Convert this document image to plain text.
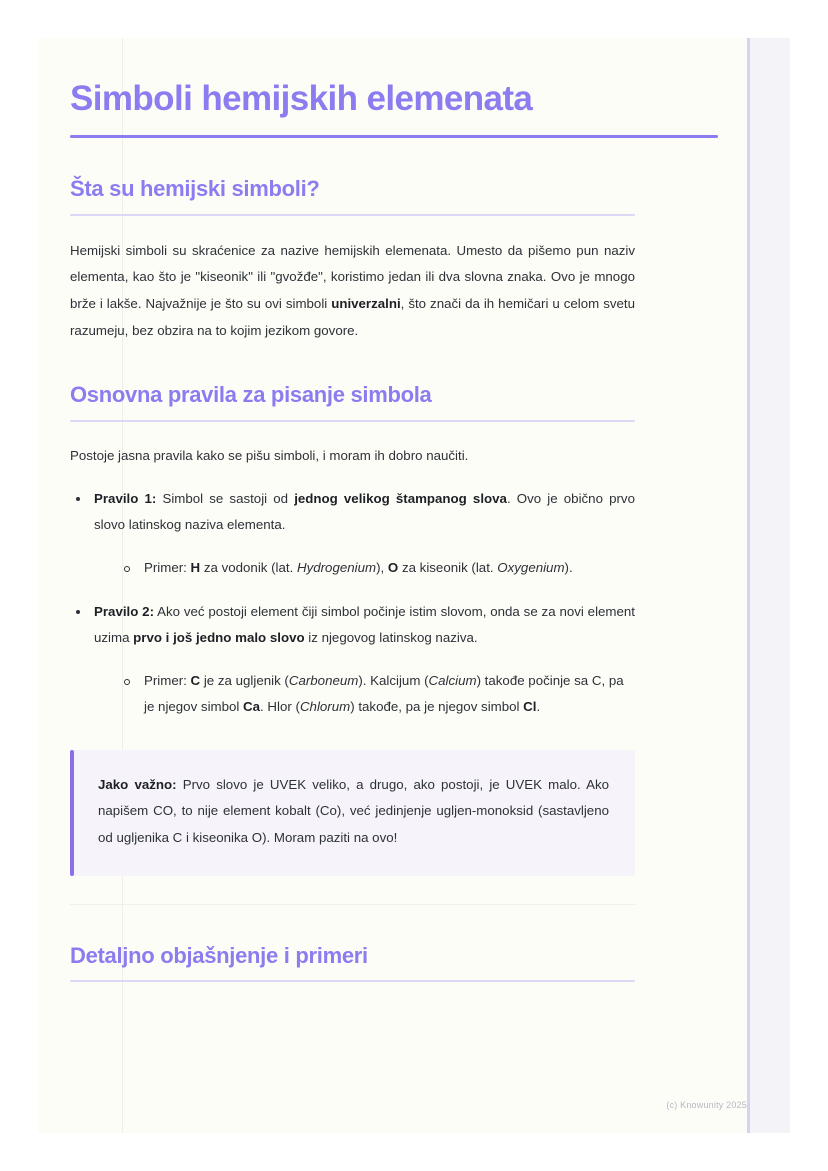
Simboli hemijskih elemenata
Šta su hemijski simboli?

Hemijski simboli su skraćenice za nazive hemijskih elemenata. Umesto da pišemo pun naziv elementa, kao što je "kiseonik" ili "gvožđe", koristimo jedan ili dva slovna znaka. Ovo je mnogo brže i lakše. Najvažnije je što su ovi simboli univerzalni, što znači da ih hemičari u celom svetu razumeju, bez obzira na to kojim jezikom govore.

Osnovna pravila za pisanje simbola

Postoje jasna pravila kako se pišu simboli, i moram ih dobro naučiti.

Pravilo 1: Simbol se sastoji od jednog velikog štampanog slova. Ovo je obično prvo slovo latinskog naziva elementa.
Primer: H za vodonik (lat. Hydrogenium), O za kiseonik (lat. Oxygenium).
Pravilo 2: Ako već postoji element čiji simbol počinje istim slovom, onda se za novi element uzima prvo i još jedno malo slovo iz njegovog latinskog naziva.
Primer: C je za ugljenik (Carboneum). Kalcijum (Calcium) takođe počinje sa C, pa je njegov simbol Ca. Hlor (Chlorum) takođe, pa je njegov simbol Cl.

Jako važno: Prvo slovo je UVEK veliko, a drugo, ako postoji, je UVEK malo. Ako napišem CO, to nije element kobalt (Co), već jedinjenje ugljen-monoksid (sastavljeno od ugljenika C i kiseonika O). Moram paziti na ovo!

Detaljno objašnjenje i primeri
(c) Knowunity 2025
